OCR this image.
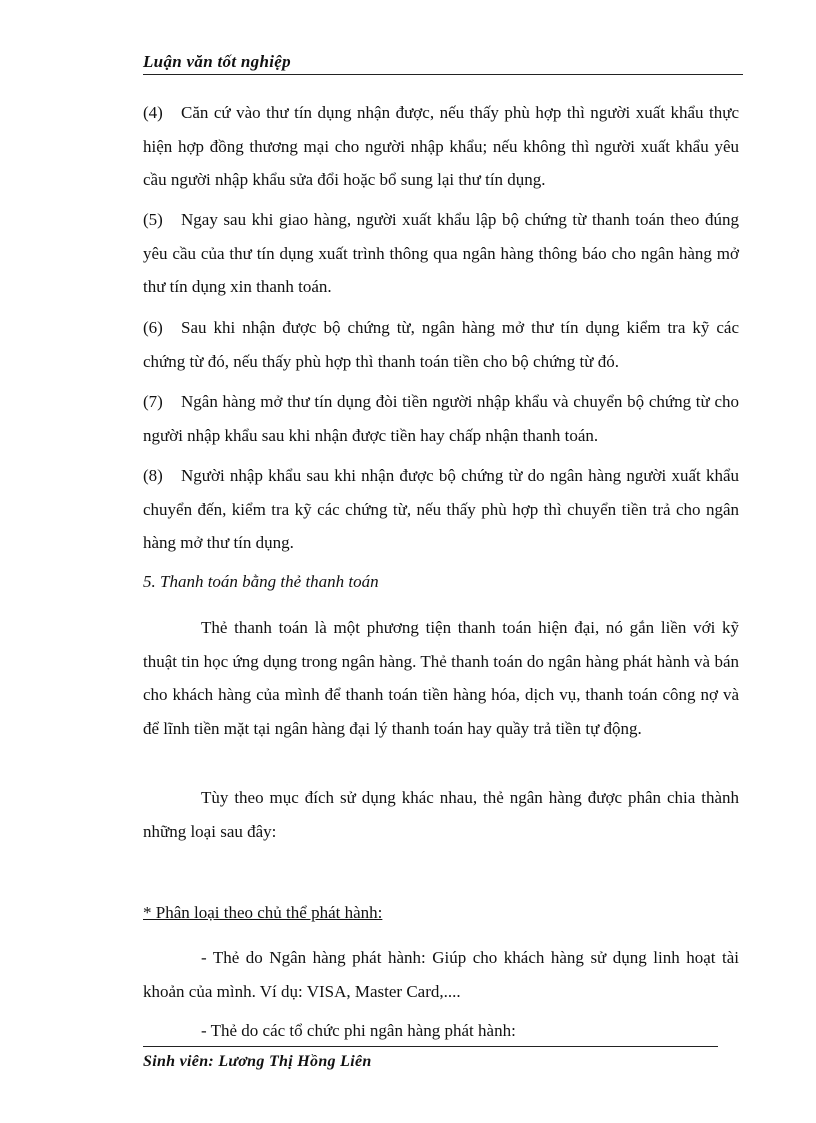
Luận văn tốt nghiệp

(4) Căn cứ vào thư tín dụng nhận được, nếu thấy phù hợp thì người xuất khẩu thực hiện hợp đồng thương mại cho người nhập khẩu; nếu không thì người xuất khẩu yêu cầu người nhập khẩu sửa đổi hoặc bổ sung lại thư tín dụng.

(5) Ngay sau khi giao hàng, người xuất khẩu lập bộ chứng từ thanh toán theo đúng yêu cầu của thư tín dụng xuất trình thông qua ngân hàng thông báo cho ngân hàng mở thư tín dụng xin thanh toán.

(6) Sau khi nhận được bộ chứng từ, ngân hàng mở thư tín dụng kiểm tra kỹ các chứng từ đó, nếu thấy phù hợp thì thanh toán tiền cho bộ chứng từ đó.

(7) Ngân hàng mở thư tín dụng đòi tiền người nhập khẩu và chuyển bộ chứng từ cho người nhập khẩu sau khi nhận được tiền hay chấp nhận thanh toán.

(8) Người nhập khẩu sau khi nhận được bộ chứng từ do ngân hàng người xuất khẩu chuyển đến, kiểm tra kỹ các chứng từ, nếu thấy phù hợp thì chuyển tiền trả cho ngân hàng mở thư tín dụng.

5. Thanh toán bằng thẻ thanh toán

Thẻ thanh toán là một phương tiện thanh toán hiện đại, nó gắn liền với kỹ thuật tin học ứng dụng trong ngân hàng. Thẻ thanh toán do ngân hàng phát hành và bán cho khách hàng của mình để thanh toán tiền hàng hóa, dịch vụ, thanh toán công nợ và để lĩnh tiền mặt tại ngân hàng đại lý thanh toán hay quầy trả tiền tự động.

Tùy theo mục đích sử dụng khác nhau, thẻ ngân hàng được phân chia thành những loại sau đây:

* Phân loại theo chủ thể phát hành:

- Thẻ do Ngân hàng phát hành: Giúp cho khách hàng sử dụng linh hoạt tài khoản của mình. Ví dụ: VISA, Master Card,....

- Thẻ do các tổ chức phi ngân hàng phát hành:

Sinh viên: Lương Thị Hồng Liên
